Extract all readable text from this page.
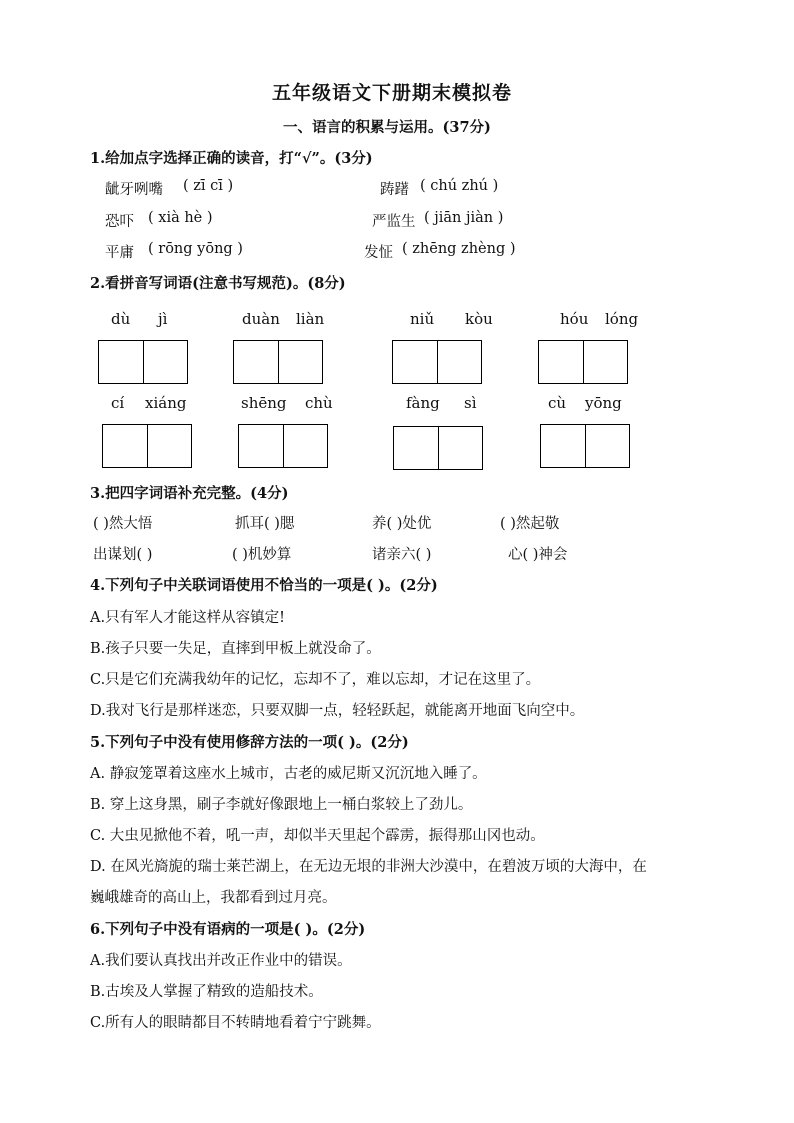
五年级语文下册期末模拟卷
一、语言的积累与运用。(37分)
1.给加点字选择正确的读音，打“√”。(3分)
龇牙咧嘴 ( zī cī )	踌躇 ( chú zhú )
恐吓 ( xià hè )	严监生 ( jiān jiàn )
平庸 ( rōng yōng )	发怔 ( zhēng zhèng )
2.看拼音写词语(注意书写规范)。(8分)
dù jì	duàn liàn	niǔ kòu	hóu lóng
cí xiáng	shēng chù	fàng sì	cù yōng
3.把四字词语补充完整。(4分)
( )然大悟	抓耳( )腮	养( )处优	( )然起敬
出谋划( )	( )机妙算	诸亲六( )	心( )神会
4.下列句子中关联词语使用不恰当的一项是( )。(2分)
A.只有军人才能这样从容镇定!
B.孩子只要一失足，直摔到甲板上就没命了。
C.只是它们充满我幼年的记忆，忘却不了，难以忘却，才记在这里了。
D.我对飞行是那样迷恋，只要双脚一点，轻轻跃起，就能离开地面飞向空中。
5.下列句子中没有使用修辞方法的一项( )。(2分)
A. 静寂笼罩着这座水上城市，古老的威尼斯又沉沉地入睡了。
B. 穿上这身黑，刷子李就好像跟地上一桶白浆较上了劲儿。
C. 大虫见掀他不着，吼一声，却似半天里起个霹雳，振得那山冈也动。
D. 在风光旖旎的瑞士莱芒湖上，在无边无垠的非洲大沙漠中，在碧波万顷的大海中，在
巍峨雄奇的高山上，我都看到过月亮。
6.下列句子中没有语病的一项是( )。(2分)
A.我们要认真找出并改正作业中的错误。
B.古埃及人掌握了精致的造船技术。
C.所有人的眼睛都目不转睛地看着宁宁跳舞。
